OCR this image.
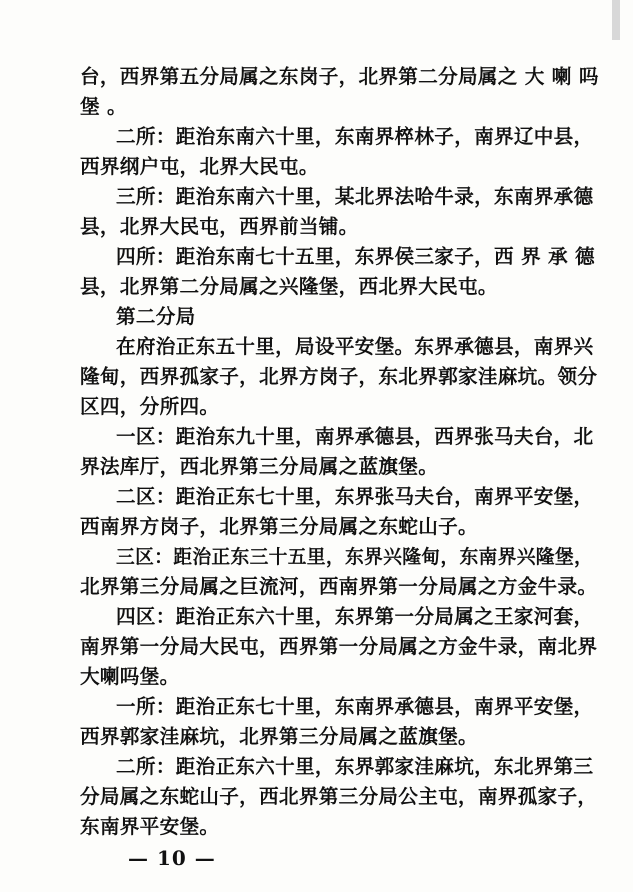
台，西界第五分局属之东岗子，北界第二分局属之 大 喇 吗
堡 。
二所：距治东南六十里，东南界椊林子，南界辽中县，
西界纲户屯，北界大民屯。
三所：距治东南六十里，某北界法哈牛录，东南界承德
县，北界大民屯，西界前当铺。
四所：距治东南七十五里，东界侯三家子，西 界 承 德
县，北界第二分局属之兴隆堡，西北界大民屯。
第二分局
在府治正东五十里，局设平安堡。东界承德县，南界兴
隆甸，西界孤家子，北界方岗子，东北界郭家洼麻坑。领分
区四，分所四。
一区：距治东九十里，南界承德县，西界张马夫台，北
界法库厅，西北界第三分局属之蓝旗堡。
二区：距治正东七十里，东界张马夫台，南界平安堡，
西南界方岗子，北界第三分局属之东蛇山子。
三区：距治正东三十五里，东界兴隆甸，东南界兴隆堡，
北界第三分局属之巨流河，西南界第一分局属之方金牛录。
四区：距治正东六十里，东界第一分局属之王家河套，
南界第一分局大民屯，西界第一分局属之方金牛录，南北界
大喇吗堡。
一所：距治正东七十里，东南界承德县，南界平安堡，
西界郭家洼麻坑，北界第三分局属之蓝旗堡。
二所：距治正东六十里，东界郭家洼麻坑，东北界第三
分局属之东蛇山子，西北界第三分局公主屯，南界孤家子，
东南界平安堡。
— 10 —
